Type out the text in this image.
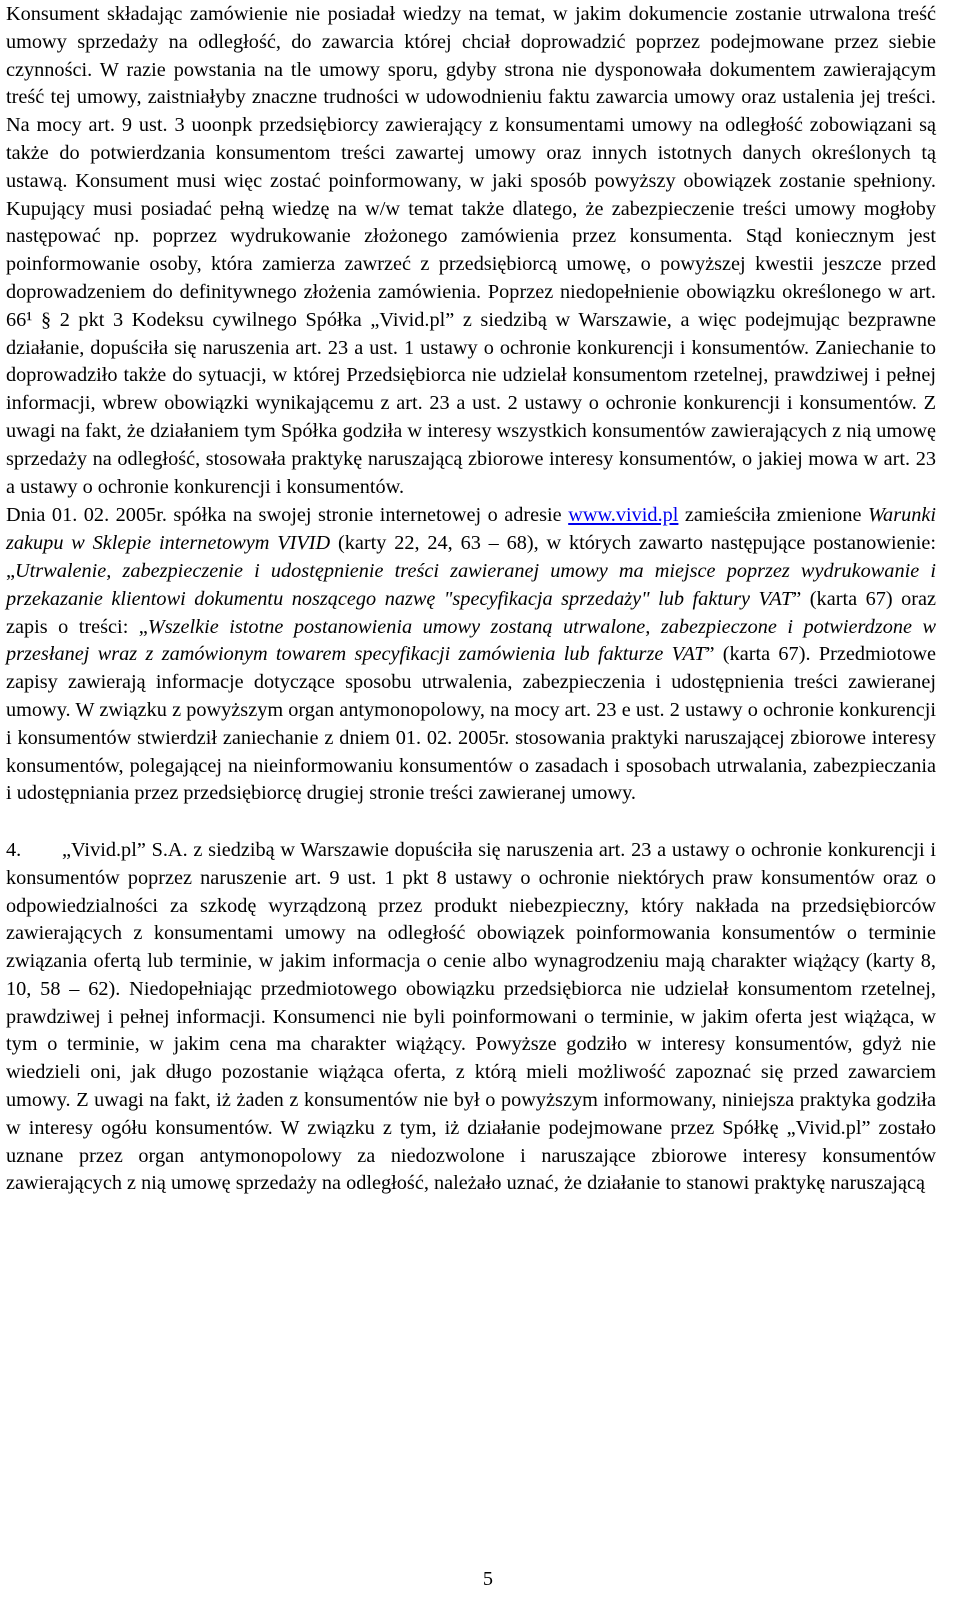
Konsument składając zamówienie nie posiadał wiedzy na temat, w jakim dokumencie zostanie utrwalona treść umowy sprzedaży na odległość, do zawarcia której chciał doprowadzić poprzez podejmowane przez siebie czynności. W razie powstania na tle umowy sporu, gdyby strona nie dysponowała dokumentem zawierającym treść tej umowy, zaistniałyby znaczne trudności w udowodnieniu faktu zawarcia umowy oraz ustalenia jej treści. Na mocy art. 9 ust. 3 uoonpk przedsiębiorcy zawierający z konsumentami umowy na odległość zobowiązani są także do potwierdzania konsumentom treści zawartej umowy oraz innych istotnych danych określonych tą ustawą. Konsument musi więc zostać poinformowany, w jaki sposób powyższy obowiązek zostanie spełniony. Kupujący musi posiadać pełną wiedzę na w/w temat także dlatego, że zabezpieczenie treści umowy mogłoby następować np. poprzez wydrukowanie złożonego zamówienia przez konsumenta. Stąd koniecznym jest poinformowanie osoby, która zamierza zawrzeć z przedsiębiorcą umowę, o powyższej kwestii jeszcze przed doprowadzeniem do definitywnego złożenia zamówienia. Poprzez niedopełnienie obowiązku określonego w art. 66¹ § 2 pkt 3 Kodeksu cywilnego Spółka „Vivid.pl” z siedzibą w Warszawie, a więc podejmując bezprawne działanie, dopuściła się naruszenia art. 23 a ust. 1 ustawy o ochronie konkurencji i konsumentów. Zaniechanie to doprowadziło także do sytuacji, w której Przedsiębiorca nie udzielał konsumentom rzetelnej, prawdziwej i pełnej informacji, wbrew obowiązki wynikającemu z art. 23 a ust. 2 ustawy o ochronie konkurencji i konsumentów. Z uwagi na fakt, że działaniem tym Spółka godziła w interesy wszystkich konsumentów zawierających z nią umowę sprzedaży na odległość, stosowała praktykę naruszającą zbiorowe interesy konsumentów, o jakiej mowa w art. 23 a ustawy o ochronie konkurencji i konsumentów.

Dnia 01. 02. 2005r. spółka na swojej stronie internetowej o adresie www.vivid.pl zamieściła zmienione Warunki zakupu w Sklepie internetowym VIVID (karty 22, 24, 63 – 68), w których zawarto następujące postanowienie: „Utrwalenie, zabezpieczenie i udostępnienie treści zawieranej umowy ma miejsce poprzez wydrukowanie i przekazanie klientowi dokumentu noszącego nazwę "specyfikacja sprzedaży" lub faktury VAT” (karta 67) oraz zapis o treści: „Wszelkie istotne postanowienia umowy zostaną utrwalone, zabezpieczone i potwierdzone w przesłanej wraz z zamówionym towarem specyfikacji zamówienia lub fakturze VAT” (karta 67). Przedmiotowe zapisy zawierają informacje dotyczące sposobu utrwalenia, zabezpieczenia i udostępnienia treści zawieranej umowy. W związku z powyższym organ antymonopolowy, na mocy art. 23 e ust. 2 ustawy o ochronie konkurencji i konsumentów stwierdził zaniechanie z dniem 01. 02. 2005r. stosowania praktyki naruszającej zbiorowe interesy konsumentów, polegającej na nieinformowaniu konsumentów o zasadach i sposobach utrwalania, zabezpieczania i udostępniania przez przedsiębiorcę drugiej stronie treści zawieranej umowy.

4. „Vivid.pl” S.A. z siedzibą w Warszawie dopuściła się naruszenia art. 23 a ustawy o ochronie konkurencji i konsumentów poprzez naruszenie art. 9 ust. 1 pkt 8 ustawy o ochronie niektórych praw konsumentów oraz o odpowiedzialności za szkodę wyrządzoną przez produkt niebezpieczny, który nakłada na przedsiębiorców zawierających z konsumentami umowy na odległość obowiązek poinformowania konsumentów o terminie związania ofertą lub terminie, w jakim informacja o cenie albo wynagrodzeniu mają charakter wiążący (karty 8, 10, 58 – 62). Niedopełniając przedmiotowego obowiązku przedsiębiorca nie udzielał konsumentom rzetelnej, prawdziwej i pełnej informacji. Konsumenci nie byli poinformowani o terminie, w jakim oferta jest wiążąca, w tym o terminie, w jakim cena ma charakter wiążący. Powyższe godziło w interesy konsumentów, gdyż nie wiedzieli oni, jak długo pozostanie wiążąca oferta, z którą mieli możliwość zapoznać się przed zawarciem umowy. Z uwagi na fakt, iż żaden z konsumentów nie był o powyższym informowany, niniejsza praktyka godziła w interesy ogółu konsumentów. W związku z tym, iż działanie podejmowane przez Spółkę „Vivid.pl” zostało uznane przez organ antymonopolowy za niedozwolone i naruszające zbiorowe interesy konsumentów zawierających z nią umowę sprzedaży na odległość, należało uznać, że działanie to stanowi praktykę naruszającą

5
